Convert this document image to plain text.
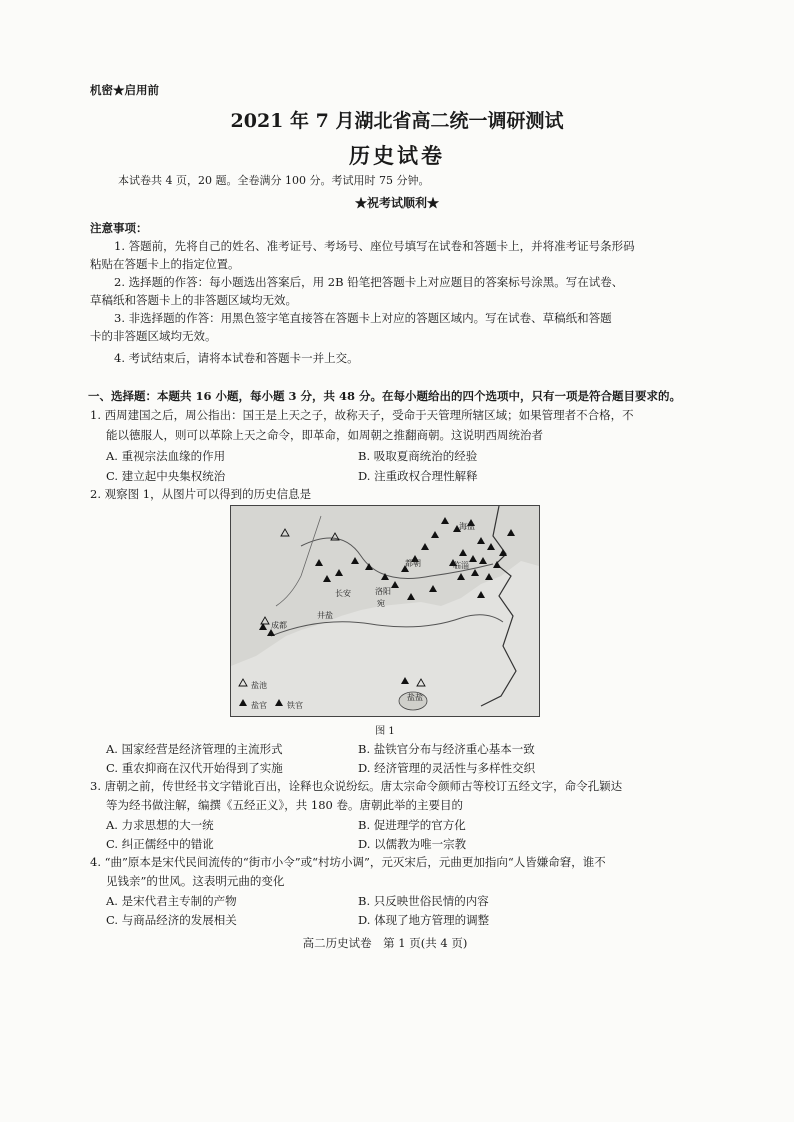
机密★启用前
2021 年 7 月湖北省高二统一调研测试
历史试卷
本试卷共 4 页，20 题。全卷满分 100 分。考试用时 75 分钟。
★祝考试顺利★
注意事项：
1. 答题前，先将自己的姓名、准考证号、考场号、座位号填写在试卷和答题卡上，并将准考证号条形码
粘贴在答题卡上的指定位置。
2. 选择题的作答：每小题选出答案后，用 2B 铅笔把答题卡上对应题目的答案标号涂黑。写在试卷、
草稿纸和答题卡上的非答题区域均无效。
3. 非选择题的作答：用黑色签字笔直接答在答题卡上对应的答题区域内。写在试卷、草稿纸和答题
卡的非答题区域均无效。
4. 考试结束后，请将本试卷和答题卡一并上交。
一、选择题：本题共 16 小题，每小题 3 分，共 48 分。在每小题给出的四个选项中，只有一项是符合题目要求的。
1. 西周建国之后，周公指出：国王是上天之子，故称天子，受命于天管理所辖区域；如果管理者不合格，不
能以德服人，则可以革除上天之命令，即革命，如周朝之推翻商朝。这说明西周统治者
A. 重视宗法血缘的作用	B. 吸取夏商统治的经验
C. 建立起中央集权统治	D. 注重政权合理性解释
2. 观察图 1，从图片可以得到的历史信息是
海盐
都朝	临淄
长安	洛阳
宛
井盐
成都
盐盐
盐池
盐官	铁官
图 1
A. 国家经营是经济管理的主流形式	B. 盐铁官分布与经济重心基本一致
C. 重农抑商在汉代开始得到了实施	D. 经济管理的灵活性与多样性交织
3. 唐朝之前，传世经书文字错讹百出，诠释也众说纷纭。唐太宗命令颜师古等校订五经文字，命令孔颖达
等为经书做注解，编撰《五经正义》，共 180 卷。唐朝此举的主要目的
A. 力求思想的大一统	B. 促进理学的官方化
C. 纠正儒经中的错讹	D. 以儒教为唯一宗教
4. “曲”原本是宋代民间流传的“街市小令”或“村坊小调”，元灭宋后，元曲更加指向“人皆嫌命窘，谁不
见钱亲”的世风。这表明元曲的变化
A. 是宋代君主专制的产物	B. 只反映世俗民情的内容
C. 与商品经济的发展相关	D. 体现了地方管理的调整
高二历史试卷　第 1 页(共 4 页)
